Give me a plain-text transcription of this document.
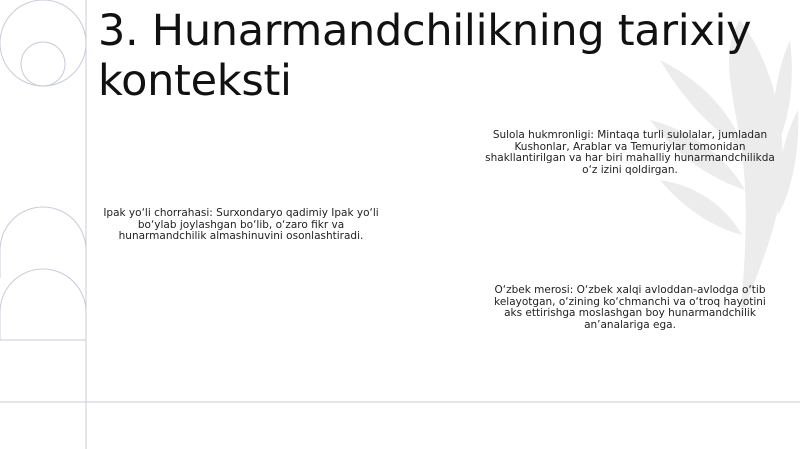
3. Hunarmandchilikning tarixiy konteksti

Sulola hukmronligi: Mintaqa turli sulolalar, jumladan Kushonlar, Arablar va Temuriylar tomonidan shakllantirilgan va har biri mahalliy hunarmandchilikda o‘z izini qoldirgan.

Ipak yo‘li chorrahasi: Surxondaryo qadimiy Ipak yo‘li bo‘ylab joylashgan bo‘lib, o‘zaro fikr va hunarmandchilik almashinuvini osonlashtiradi.

O‘zbek merosi: O‘zbek xalqi avloddan-avlodga o‘tib kelayotgan, o‘zining ko‘chmanchi va o‘troq hayotini aks ettirishga moslashgan boy hunarmandchilik an’analariga ega.
